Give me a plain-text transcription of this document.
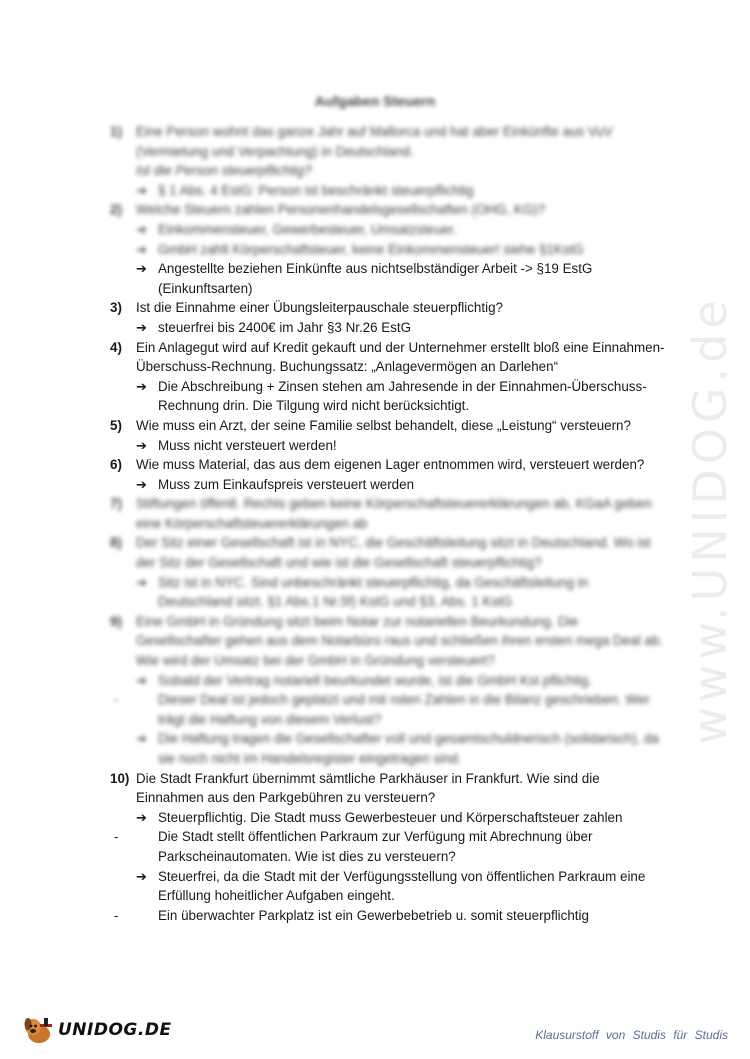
Aufgaben Steuern
1) Eine Person wohnt das ganze Jahr auf Mallorca und hat aber Einkünfte aus VuV
(Vermietung und Verpachtung) in Deutschland.
Ist die Person steuerpflichtig?
➔ § 1 Abs. 4 EstG: Person ist beschränkt steuerpflichtig
2) Welche Steuern zahlen Personenhandelsgesellschaften (OHG, KG)?
➔ Einkommensteuer, Gewerbesteuer, Umsatzsteuer.
➔ GmbH zahlt Körperschaftsteuer, keine Einkommensteuer! siehe §1KstG
➔ Angestellte beziehen Einkünfte aus nichtselbständiger Arbeit -> §19 EstG (Einkunftsarten)
3) Ist die Einnahme einer Übungsleiterpauschale steuerpflichtig?
➔ steuerfrei bis 2400€ im Jahr §3 Nr.26 EstG
4) Ein Anlagegut wird auf Kredit gekauft und der Unternehmer erstellt bloß eine Einnahmen-Überschuss-Rechnung. Buchungssatz: „Anlagevermögen an Darlehen“
➔ Die Abschreibung + Zinsen stehen am Jahresende in der Einnahmen-Überschuss-Rechnung drin. Die Tilgung wird nicht berücksichtigt.
5) Wie muss ein Arzt, der seine Familie selbst behandelt, diese „Leistung“ versteuern?
➔ Muss nicht versteuert werden!
6) Wie muss Material, das aus dem eigenen Lager entnommen wird, versteuert werden?
➔ Muss zum Einkaufspreis versteuert werden
7) Stiftungen öffentl. Rechts geben keine Körperschaftsteuererklärungen ab, KGaA geben eine Körperschaftsteuererklärungen ab
8) Der Sitz einer Gesellschaft ist in NYC, die Geschäftsleitung sitzt in Deutschland. Wo ist der Sitz der Gesellschaft und wie ist die Gesellschaft steuerpflichtig?
➔ Sitz ist in NYC. Sind unbeschränkt steuerpflichtig, da Geschäftsleitung in Deutschland sitzt. §1 Abs.1 Nr.5f) KstG und §3, Abs. 1 KstG
9) Eine GmbH in Gründung sitzt beim Notar zur notariellen Beurkundung. Die Gesellschafter gehen aus dem Notarbüro raus und schließen ihren ersten mega Deal ab. Wie wird der Umsatz bei der GmbH in Gründung versteuert?
➔ Sobald der Vertrag notariell beurkundet wurde, ist die GmbH Kst pflichtig.
-	Dieser Deal ist jedoch geplatzt und mit roten Zahlen in die Bilanz geschrieben. Wer trägt die Haftung von diesem Verlust?
➔ Die Haftung tragen die Gesellschafter voll und gesamtschuldnerisch (solidarisch), da sie noch nicht im Handelsregister eingetragen sind.
10) Die Stadt Frankfurt übernimmt sämtliche Parkhäuser in Frankfurt. Wie sind die Einnahmen aus den Parkgebühren zu versteuern?
➔ Steuerpflichtig. Die Stadt muss Gewerbesteuer und Körperschaftsteuer zahlen
-	Die Stadt stellt öffentlichen Parkraum zur Verfügung mit Abrechnung über Parkscheinautomaten. Wie ist dies zu versteuern?
➔ Steuerfrei, da die Stadt mit der Verfügungsstellung von öffentlichen Parkraum eine Erfüllung hoheitlicher Aufgaben eingeht.
-	Ein überwachter Parkplatz ist ein Gewerbebetrieb u. somit steuerpflichtig
www.UNIDOG.de
UNIDOG.DE	Klausurstoff von Studis für Studis
